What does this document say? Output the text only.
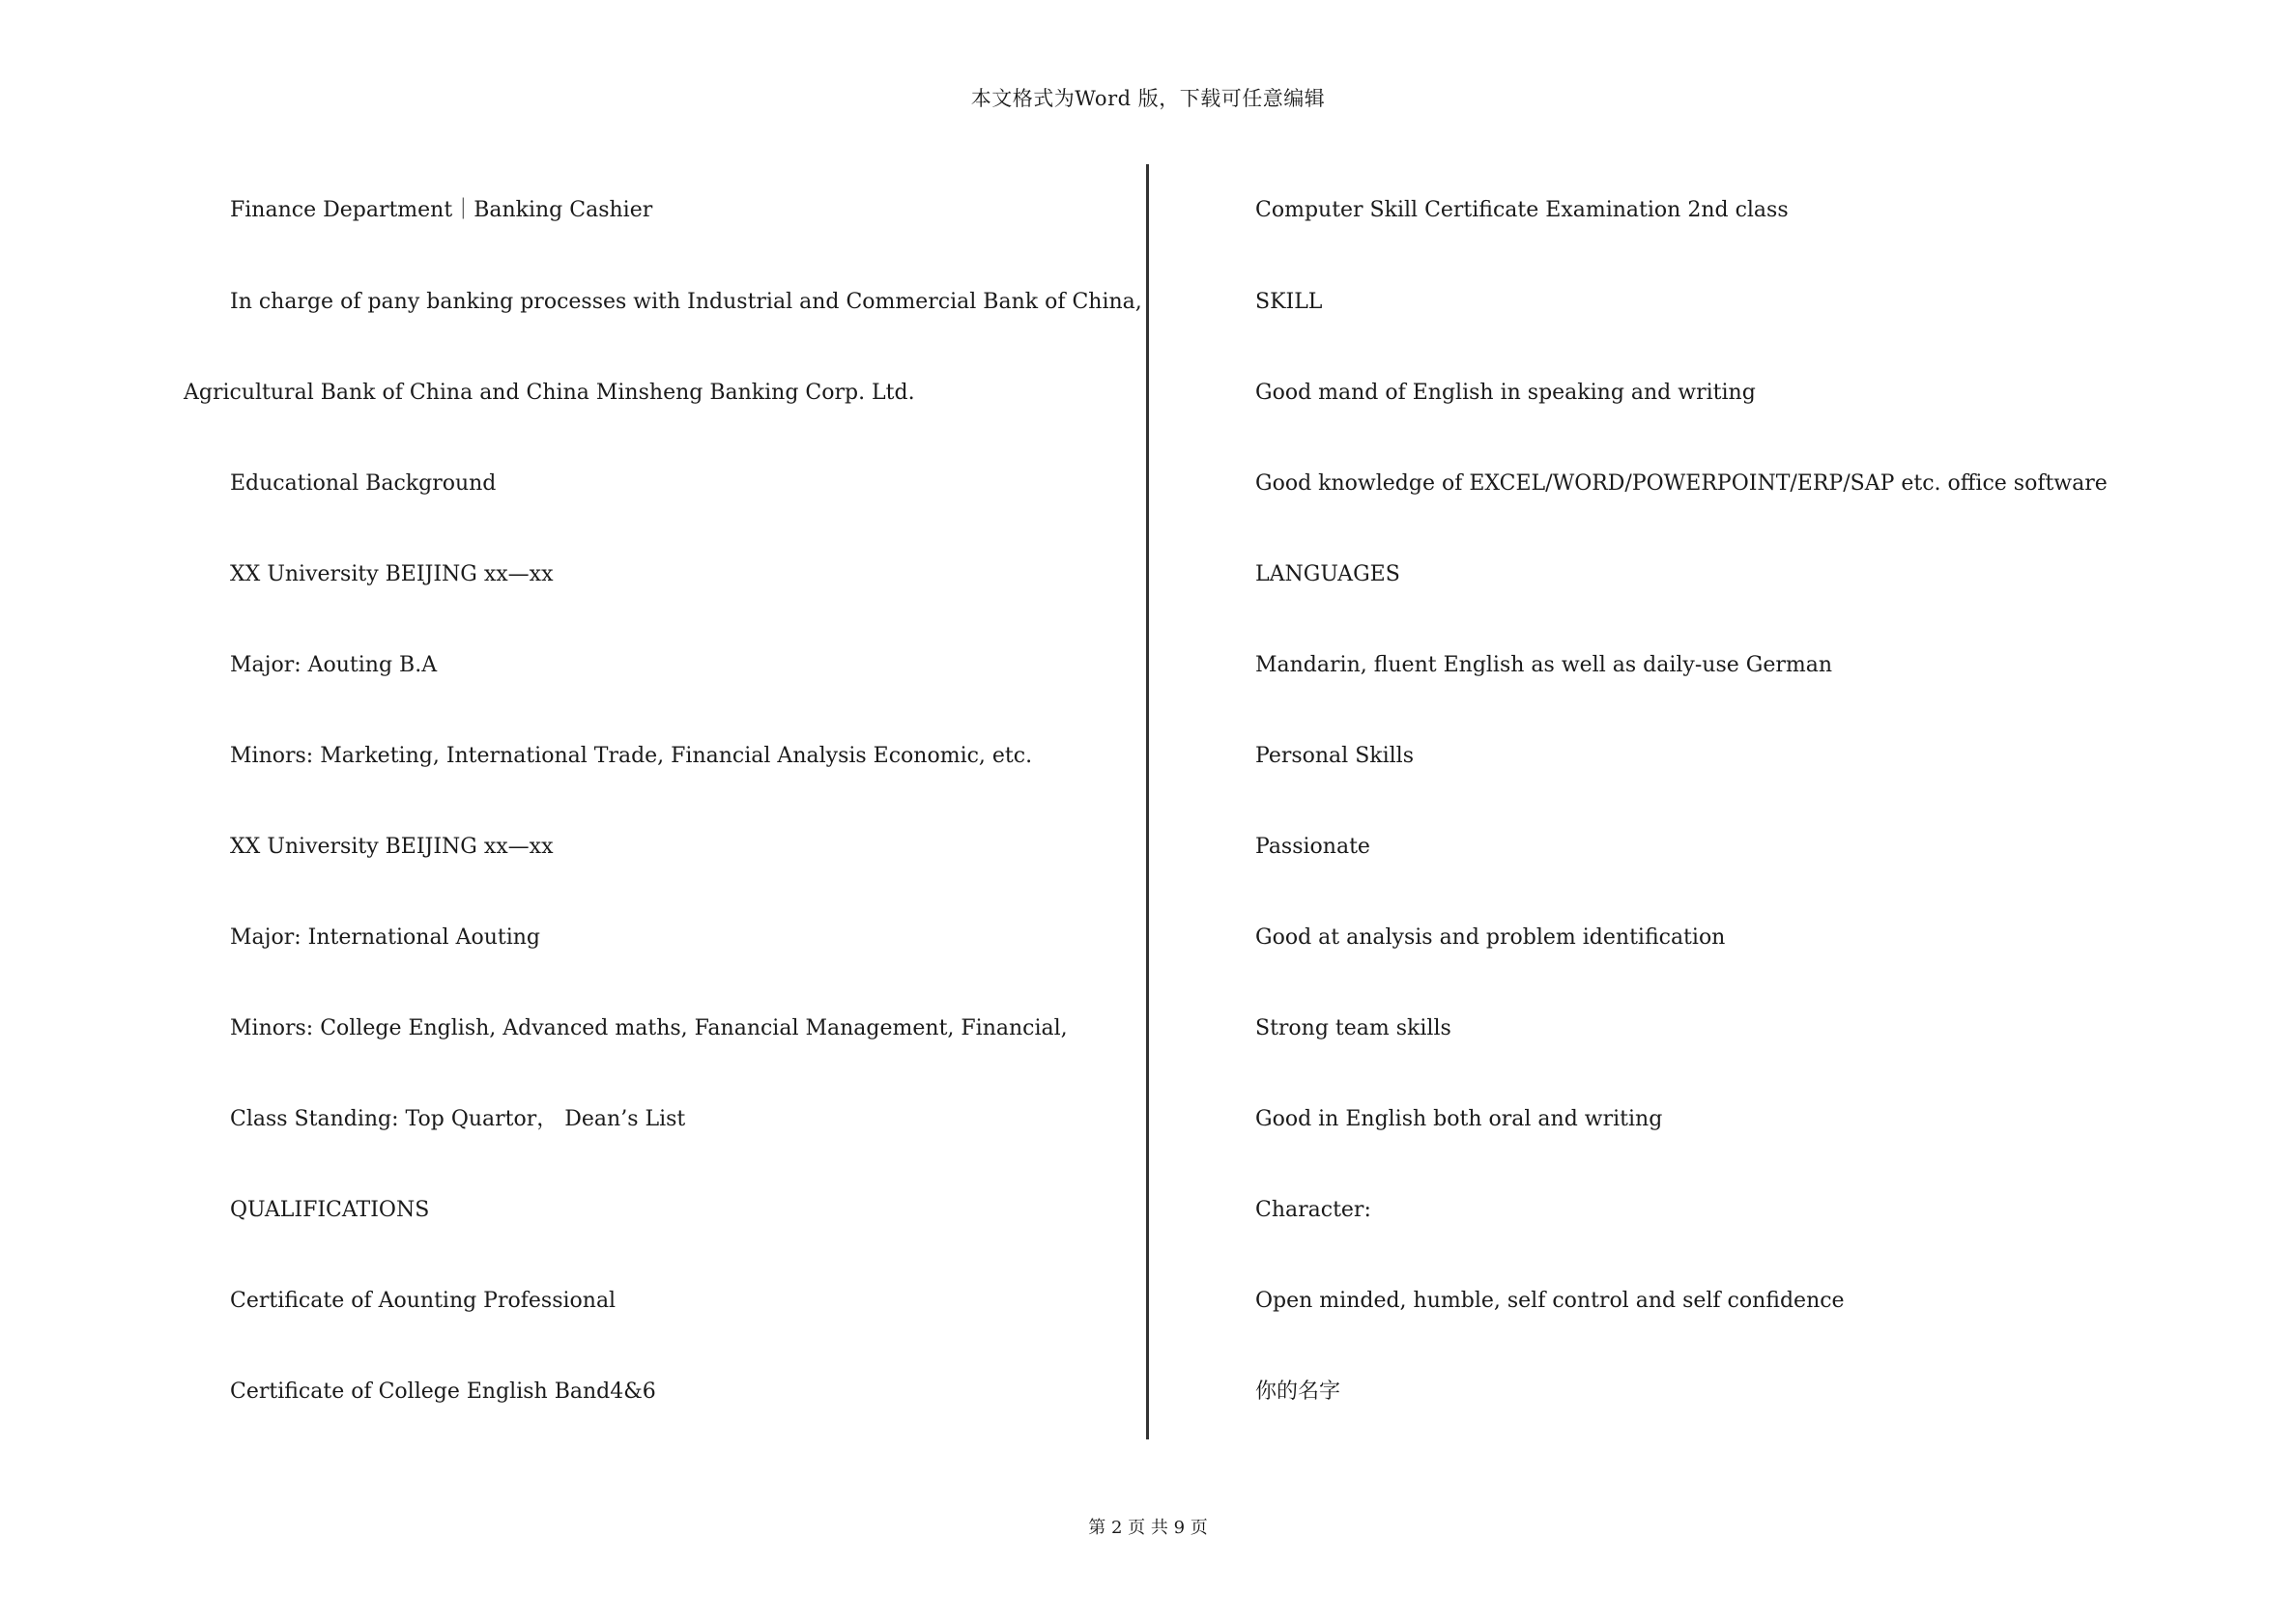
本文格式为Word 版，下载可任意编辑
Finance Department｜Banking Cashier
In charge of pany banking processes with Industrial and Commercial Bank of China,
Agricultural Bank of China and China Minsheng Banking Corp. Ltd.
Educational Background
XX University BEIJING xx—xx
Major: Aouting B.A
Minors: Marketing, International Trade, Financial Analysis Economic, etc.
XX University BEIJING xx—xx
Major: International Aouting
Minors: College English, Advanced maths, Fanancial Management, Financial,
Class Standing: Top Quartor， Dean’s List
QUALIFICATIONS
Certificate of Aounting Professional
Certificate of College English Band4&6
Computer Skill Certificate Examination 2nd class
SKILL
Good mand of English in speaking and writing
Good knowledge of EXCEL/WORD/POWERPOINT/ERP/SAP etc. office software
LANGUAGES
Mandarin, fluent English as well as daily-use German
Personal Skills
Passionate
Good at analysis and problem identification
Strong team skills
Good in English both oral and writing
Character:
Open minded, humble, self control and self confidence
你的名字
第 2 页 共 9 页
